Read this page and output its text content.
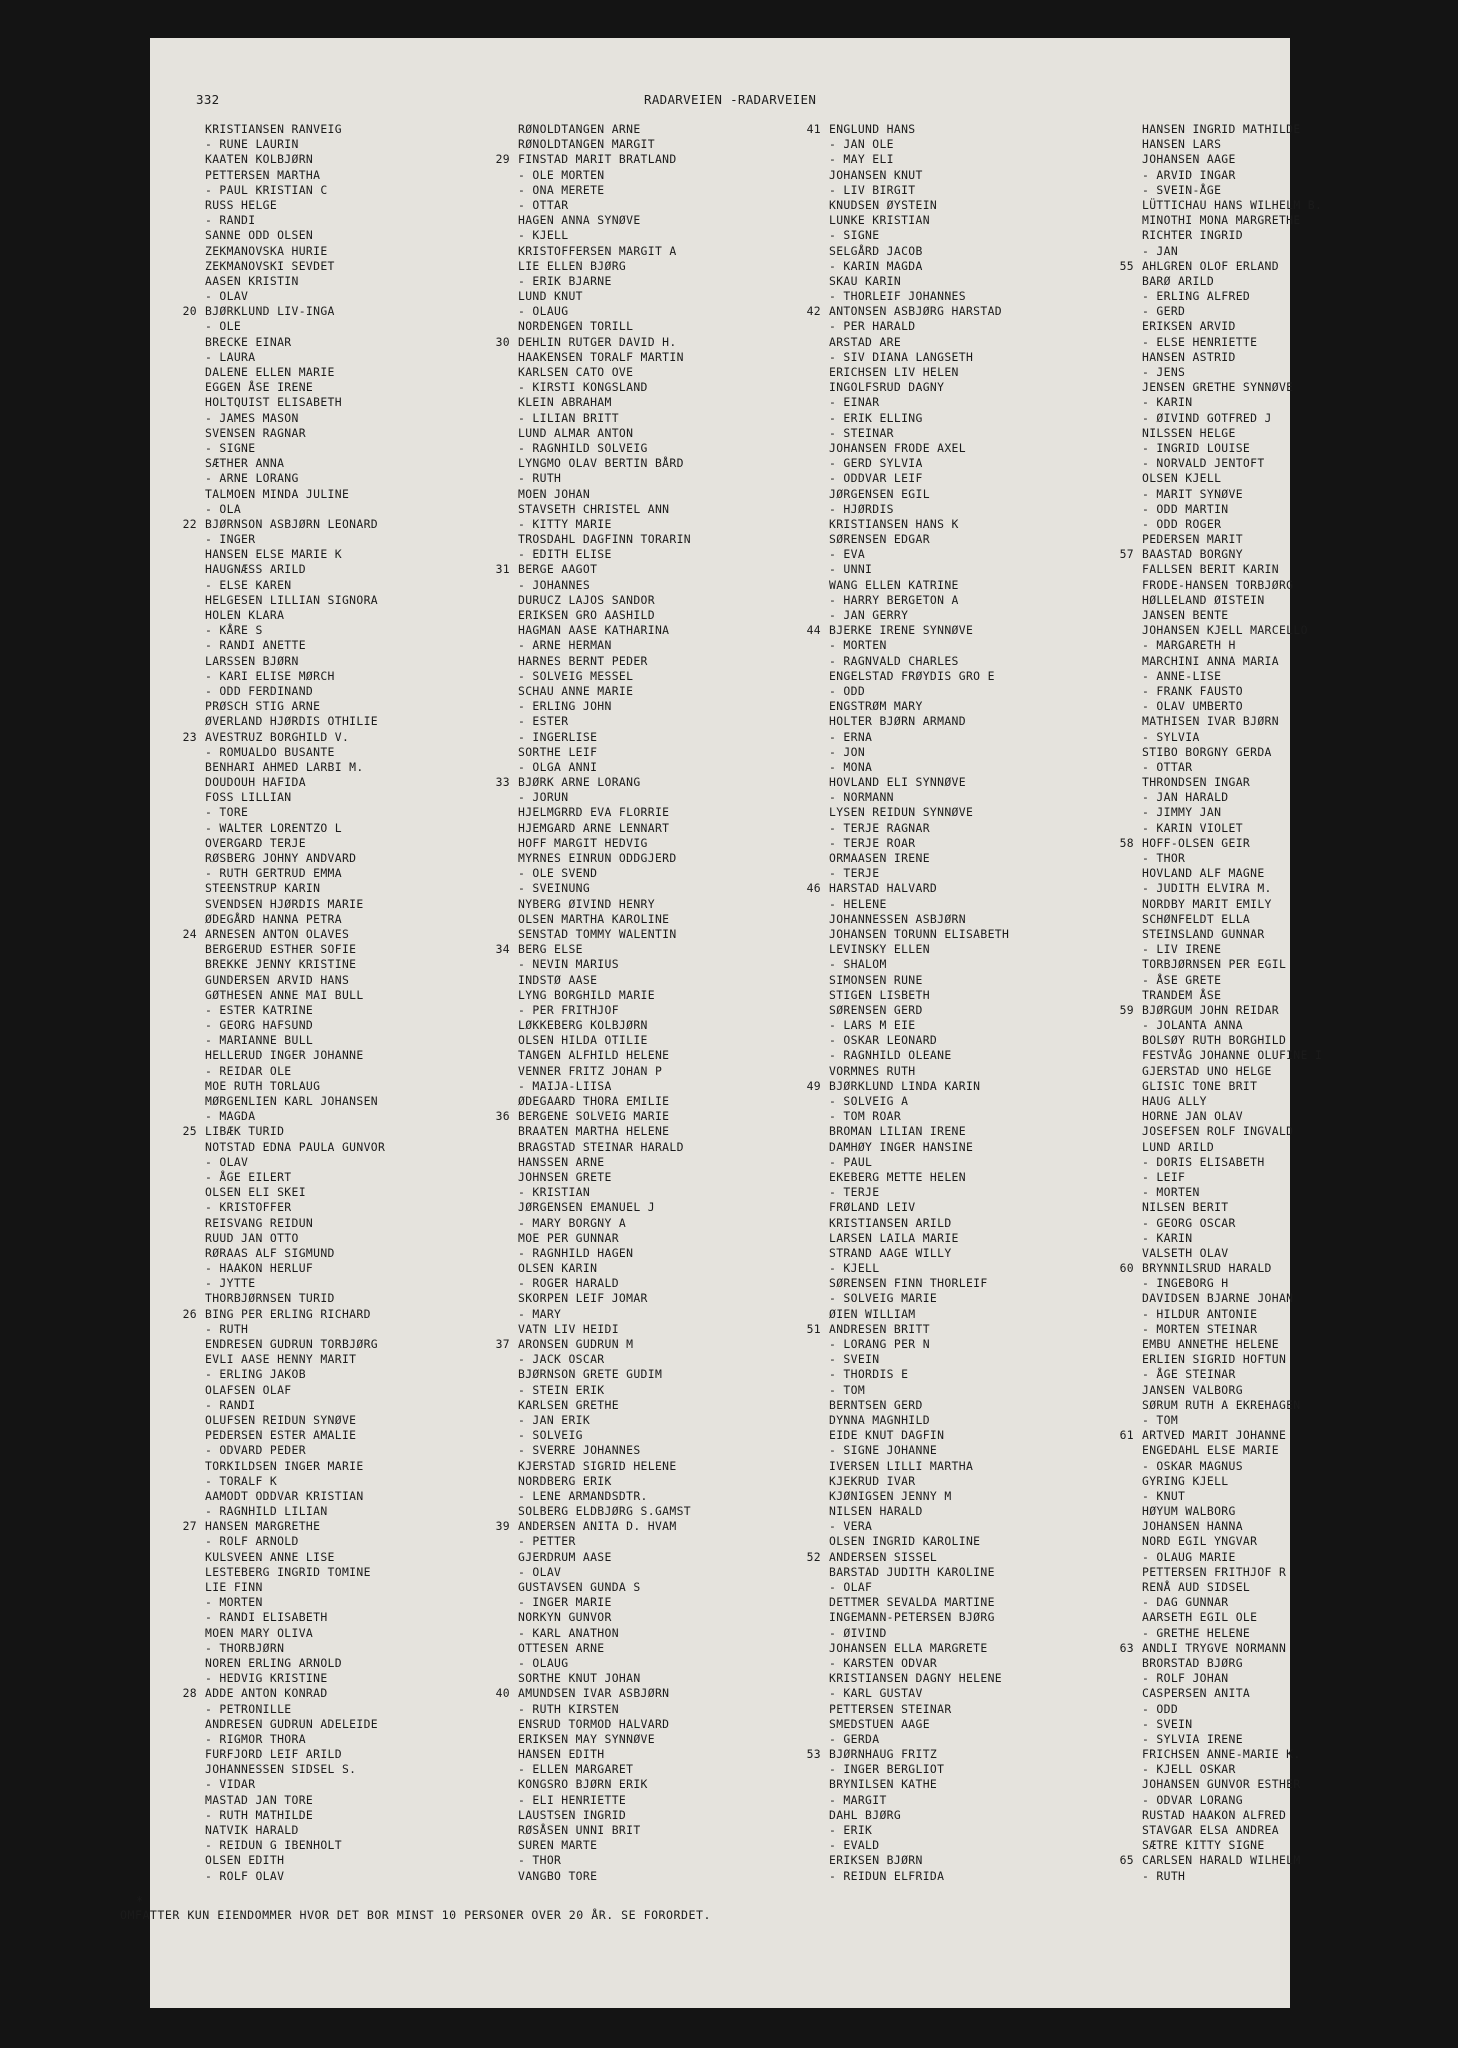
332	RADARVEIEN -RADARVEIEN
KRISTIANSEN RANVEIG
- RUNE LAURIN
KAATEN KOLBJØRN
PETTERSEN MARTHA
- PAUL KRISTIAN C
RUSS HELGE
- RANDI
SANNE ODD OLSEN
ZEKMANOVSKA HURIE
ZEKMANOVSKI SEVDET
AASEN KRISTIN
- OLAV
20 BJØRKLUND LIV-INGA
- OLE
BRECKE EINAR
- LAURA
DALENE ELLEN MARIE
EGGEN ÅSE IRENE
HOLTQUIST ELISABETH
- JAMES MASON
SVENSEN RAGNAR
- SIGNE
SÆTHER ANNA
- ARNE LORANG
TALMOEN MINDA JULINE
- OLA
22 BJØRNSON ASBJØRN LEONARD
- INGER
HANSEN ELSE MARIE K
HAUGNÆSS ARILD
- ELSE KAREN
HELGESEN LILLIAN SIGNORA
HOLEN KLARA
- KÅRE S
- RANDI ANETTE
LARSSEN BJØRN
- KARI ELISE MØRCH
- ODD FERDINAND
PRØSCH STIG ARNE
ØVERLAND HJØRDIS OTHILIE
23 AVESTRUZ BORGHILD V.
- ROMUALDO BUSANTE
BENHARI AHMED LARBI M.
DOUDOUH HAFIDA
FOSS LILLIAN
- TORE
- WALTER LORENTZO L
OVERGARD TERJE
RØSBERG JOHNY ANDVARD
- RUTH GERTRUD EMMA
STEENSTRUP KARIN
SVENDSEN HJØRDIS MARIE
ØDEGÅRD HANNA PETRA
24 ARNESEN ANTON OLAVES
BERGERUD ESTHER SOFIE
BREKKE JENNY KRISTINE
GUNDERSEN ARVID HANS
GØTHESEN ANNE MAI BULL
- ESTER KATRINE
- GEORG HAFSUND
- MARIANNE BULL
HELLERUD INGER JOHANNE
- REIDAR OLE
MOE RUTH TORLAUG
MØRGENLIEN KARL JOHANSEN
- MAGDA
25 LIBÆK TURID
NOTSTAD EDNA PAULA GUNVOR
- OLAV
- ÅGE EILERT
OLSEN ELI SKEI
- KRISTOFFER
REISVANG REIDUN
RUUD JAN OTTO
RØRAAS ALF SIGMUND
- HAAKON HERLUF
- JYTTE
THORBJØRNSEN TURID
26 BING PER ERLING RICHARD
- RUTH
ENDRESEN GUDRUN TORBJØRG
EVLI AASE HENNY MARIT
- ERLING JAKOB
OLAFSEN OLAF
- RANDI
OLUFSEN REIDUN SYNØVE
PEDERSEN ESTER AMALIE
- ODVARD PEDER
TORKILDSEN INGER MARIE
- TORALF K
AAMODT ODDVAR KRISTIAN
- RAGNHILD LILIAN
27 HANSEN MARGRETHE
- ROLF ARNOLD
KULSVEEN ANNE LISE
LESTEBERG INGRID TOMINE
LIE FINN
- MORTEN
- RANDI ELISABETH
MOEN MARY OLIVA
- THORBJØRN
NOREN ERLING ARNOLD
- HEDVIG KRISTINE
28 ADDE ANTON KONRAD
- PETRONILLE
ANDRESEN GUDRUN ADELEIDE
- RIGMOR THORA
FURFJORD LEIF ARILD
JOHANNESSEN SIDSEL S.
- VIDAR
MASTAD JAN TORE
- RUTH MATHILDE
NATVIK HARALD
- REIDUN G IBENHOLT
OLSEN EDITH
- ROLF OLAV
RØNOLDTANGEN ARNE
RØNOLDTANGEN MARGIT
29 FINSTAD MARIT BRATLAND
- OLE MORTEN
- ONA MERETE
- OTTAR
HAGEN ANNA SYNØVE
- KJELL
KRISTOFFERSEN MARGIT A
LIE ELLEN BJØRG
- ERIK BJARNE
LUND KNUT
- OLAUG
NORDENGEN TORILL
30 DEHLIN RUTGER DAVID H.
HAAKENSEN TORALF MARTIN
KARLSEN CATO OVE
- KIRSTI KONGSLAND
KLEIN ABRAHAM
- LILIAN BRITT
LUND ALMAR ANTON
- RAGNHILD SOLVEIG
LYNGMO OLAV BERTIN BÅRD
- RUTH
MOEN JOHAN
STAVSETH CHRISTEL ANN
- KITTY MARIE
TROSDAHL DAGFINN TORARIN
- EDITH ELISE
31 BERGE AAGOT
- JOHANNES
DURUCZ LAJOS SANDOR
ERIKSEN GRO AASHILD
HAGMAN AASE KATHARINA
- ARNE HERMAN
HARNES BERNT PEDER
- SOLVEIG MESSEL
SCHAU ANNE MARIE
- ERLING JOHN
- ESTER
- INGERLISE
SORTHE LEIF
- OLGA ANNI
33 BJØRK ARNE LORANG
- JORUN
HJELMGRRD EVA FLORRIE
HJEMGARD ARNE LENNART
HOFF MARGIT HEDVIG
MYRNES EINRUN ODDGJERD
- OLE SVEND
- SVEINUNG
NYBERG ØIVIND HENRY
OLSEN MARTHA KAROLINE
SENSTAD TOMMY WALENTIN
34 BERG ELSE
- NEVIN MARIUS
INDSTØ AASE
LYNG BORGHILD MARIE
- PER FRITHJOF
LØKKEBERG KOLBJØRN
OLSEN HILDA OTILIE
TANGEN ALFHILD HELENE
VENNER FRITZ JOHAN P
- MAIJA-LIISA
ØDEGAARD THORA EMILIE
36 BERGENE SOLVEIG MARIE
BRAATEN MARTHA HELENE
BRAGSTAD STEINAR HARALD
HANSSEN ARNE
JOHNSEN GRETE
- KRISTIAN
JØRGENSEN EMANUEL J
- MARY BORGNY A
MOE PER GUNNAR
- RAGNHILD HAGEN
OLSEN KARIN
- ROGER HARALD
SKORPEN LEIF JOMAR
- MARY
VATN LIV HEIDI
37 ARONSEN GUDRUN M
- JACK OSCAR
BJØRNSON GRETE GUDIM
- STEIN ERIK
KARLSEN GRETHE
- JAN ERIK
- SOLVEIG
- SVERRE JOHANNES
KJERSTAD SIGRID HELENE
NORDBERG ERIK
- LENE ARMANDSDTR.
SOLBERG ELDBJØRG S.GAMST
39 ANDERSEN ANITA D. HVAM
- PETTER
GJERDRUM AASE
- OLAV
GUSTAVSEN GUNDA S
- INGER MARIE
NORKYN GUNVOR
- KARL ANATHON
OTTESEN ARNE
- OLAUG
SORTHE KNUT JOHAN
40 AMUNDSEN IVAR ASBJØRN
- RUTH KIRSTEN
ENSRUD TORMOD HALVARD
ERIKSEN MAY SYNNØVE
HANSEN EDITH
- ELLEN MARGARET
KONGSRO BJØRN ERIK
- ELI HENRIETTE
LAUSTSEN INGRID
RØSÅSEN UNNI BRIT
SUREN MARTE
- THOR
VANGBO TORE
41 ENGLUND HANS
- JAN OLE
- MAY ELI
JOHANSEN KNUT
- LIV BIRGIT
KNUDSEN ØYSTEIN
LUNKE KRISTIAN
- SIGNE
SELGÅRD JACOB
- KARIN MAGDA
SKAU KARIN
- THORLEIF JOHANNES
42 ANTONSEN ASBJØRG HARSTAD
- PER HARALD
ARSTAD ARE
- SIV DIANA LANGSETH
ERICHSEN LIV HELEN
INGOLFSRUD DAGNY
- EINAR
- ERIK ELLING
- STEINAR
JOHANSEN FRODE AXEL
- GERD SYLVIA
- ODDVAR LEIF
JØRGENSEN EGIL
- HJØRDIS
KRISTIANSEN HANS K
SØRENSEN EDGAR
- EVA
- UNNI
WANG ELLEN KATRINE
- HARRY BERGETON A
- JAN GERRY
44 BJERKE IRENE SYNNØVE
- MORTEN
- RAGNVALD CHARLES
ENGELSTAD FRØYDIS GRO E
- ODD
ENGSTRØM MARY
HOLTER BJØRN ARMAND
- ERNA
- JON
- MONA
HOVLAND ELI SYNNØVE
- NORMANN
LYSEN REIDUN SYNNØVE
- TERJE RAGNAR
- TERJE ROAR
ORMAASEN IRENE
- TERJE
46 HARSTAD HALVARD
- HELENE
JOHANNESSEN ASBJØRN
JOHANSEN TORUNN ELISABETH
LEVINSKY ELLEN
- SHALOM
SIMONSEN RUNE
STIGEN LISBETH
SØRENSEN GERD
- LARS M EIE
- OSKAR LEONARD
- RAGNHILD OLEANE
VORMNES RUTH
49 BJØRKLUND LINDA KARIN
- SOLVEIG A
- TOM ROAR
BROMAN LILIAN IRENE
DAMHØY INGER HANSINE
- PAUL
EKEBERG METTE HELEN
- TERJE
FRØLAND LEIV
KRISTIANSEN ARILD
LARSEN LAILA MARIE
STRAND AAGE WILLY
- KJELL
SØRENSEN FINN THORLEIF
- SOLVEIG MARIE
ØIEN WILLIAM
51 ANDRESEN BRITT
- LORANG PER N
- SVEIN
- THORDIS E
- TOM
BERNTSEN GERD
DYNNA MAGNHILD
EIDE KNUT DAGFIN
- SIGNE JOHANNE
IVERSEN LILLI MARTHA
KJEKRUD IVAR
KJØNIGSEN JENNY M
NILSEN HARALD
- VERA
OLSEN INGRID KAROLINE
52 ANDERSEN SISSEL
BARSTAD JUDITH KAROLINE
- OLAF
DETTMER SEVALDA MARTINE
INGEMANN-PETERSEN BJØRG
- ØIVIND
JOHANSEN ELLA MARGRETE
- KARSTEN ODVAR
KRISTIANSEN DAGNY HELENE
- KARL GUSTAV
PETTERSEN STEINAR
SMEDSTUEN AAGE
- GERDA
53 BJØRNHAUG FRITZ
- INGER BERGLIOT
BRYNILSEN KATHE
- MARGIT
DAHL BJØRG
- ERIK
- EVALD
ERIKSEN BJØRN
- REIDUN ELFRIDA
HANSEN INGRID MATHILDE
HANSEN LARS
JOHANSEN AAGE
- ARVID INGAR
- SVEIN-ÅGE
LÜTTICHAU HANS WILHELM B.
MINOTHI MONA MARGRETHE
RICHTER INGRID
- JAN
55 AHLGREN OLOF ERLAND
BARØ ARILD
- ERLING ALFRED
- GERD
ERIKSEN ARVID
- ELSE HENRIETTE
HANSEN ASTRID
- JENS
JENSEN GRETHE SYNNØVE
- KARIN
- ØIVIND GOTFRED J
NILSSEN HELGE
- INGRID LOUISE
- NORVALD JENTOFT
OLSEN KJELL
- MARIT SYNØVE
- ODD MARTIN
- ODD ROGER
PEDERSEN MARIT
57 BAASTAD BORGNY
FALLSEN BERIT KARIN
FRODE-HANSEN TORBJØRG
HØLLELAND ØISTEIN
JANSEN BENTE
JOHANSEN KJELL MARCELLO
- MARGARETH H
MARCHINI ANNA MARIA
- ANNE-LISE
- FRANK FAUSTO
- OLAV UMBERTO
MATHISEN IVAR BJØRN
- SYLVIA
STIBO BORGNY GERDA
- OTTAR
THRONDSEN INGAR
- JAN HARALD
- JIMMY JAN
- KARIN VIOLET
58 HOFF-OLSEN GEIR
- THOR
HOVLAND ALF MAGNE
- JUDITH ELVIRA M.
NORDBY MARIT EMILY
SCHØNFELDT ELLA
STEINSLAND GUNNAR
- LIV IRENE
TORBJØRNSEN PER EGIL
- ÅSE GRETE
TRANDEM ÅSE
59 BJØRGUM JOHN REIDAR
- JOLANTA ANNA
BOLSØY RUTH BORGHILD
FESTVÅG JOHANNE OLUFINE I
GJERSTAD UNO HELGE
GLISIC TONE BRIT
HAUG ALLY
HORNE JAN OLAV
JOSEFSEN ROLF INGVALD
LUND ARILD
- DORIS ELISABETH
- LEIF
- MORTEN
NILSEN BERIT
- GEORG OSCAR
- KARIN
VALSETH OLAV
60 BRYNNILSRUD HARALD
- INGEBORG H
DAVIDSEN BJARNE JOHAN
- HILDUR ANTONIE
- MORTEN STEINAR
EMBU ANNETHE HELENE
ERLIEN SIGRID HOFTUN
- ÅGE STEINAR
JANSEN VALBORG
SØRUM RUTH A EKREHAGEN
- TOM
61 ARTVED MARIT JOHANNE
ENGEDAHL ELSE MARIE
- OSKAR MAGNUS
GYRING KJELL
- KNUT
HØYUM WALBORG
JOHANSEN HANNA
NORD EGIL YNGVAR
- OLAUG MARIE
PETTERSEN FRITHJOF R
RENÅ AUD SIDSEL
- DAG GUNNAR
AARSETH EGIL OLE
- GRETHE HELENE
63 ANDLI TRYGVE NORMANN
BRORSTAD BJØRG
- ROLF JOHAN
CASPERSEN ANITA
- ODD
- SVEIN
- SYLVIA IRENE
FRICHSEN ANNE-MARIE K.
- KJELL OSKAR
JOHANSEN GUNVOR ESTHER
- ODVAR LORANG
RUSTAD HAAKON ALFRED
STAVGAR ELSA ANDREA
SÆTRE KITTY SIGNE
65 CARLSEN HARALD WILHELM
- RUTH
*
OMFATTER KUN EIENDOMMER HVOR DET BOR MINST 10 PERSONER OVER 20 ÅR. SE FORORDET.
